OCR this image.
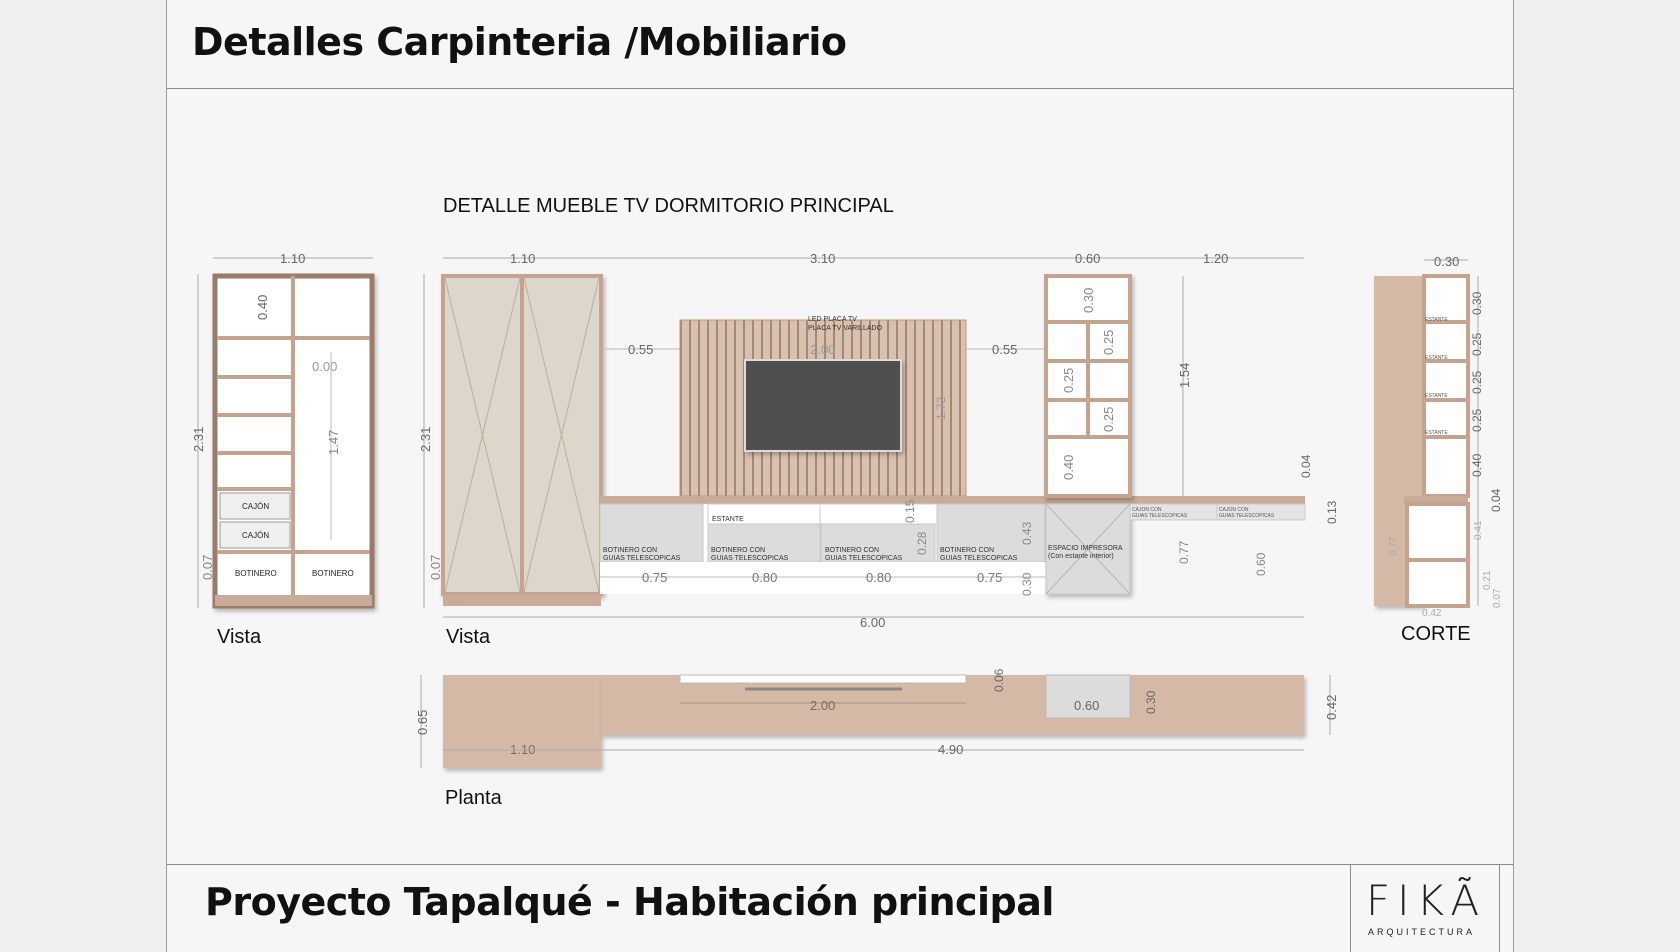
Detalles Carpinteria /Mobiliario
Proyecto Tapalqué - Habitación principal	FIKÃ
ARQUITECTURA
DETALLE MUEBLE TV DORMITORIO PRINCIPAL
CAJÓN
CAJÓN
BOTINERO	BOTINERO
0.40
0.00
1.47
1.10
2.31
0.07
Vista
LED PLACA TV
PLACA TV VARILLADO
2.00
1.72
ESTANTE
BOTINERO CON
GUIAS TELESCOPICAS
BOTINERO CON
GUIAS TELESCOPICAS
BOTINERO CON
GUIAS TELESCOPICAS
BOTINERO CON
GUIAS TELESCOPICAS
0.15
0.28
0.75	0.80	0.80	0.75
0.30
0.25
0.25
0.25
0.40
ESPACIO IMPRESORA
(Con estante interior)
0.43
0.30
CAJON CON
GUIAS TELESCOPICAS
CAJON CON
GUIAS TELESCOPICAS
0.77
0.60
1.10	3.10	0.60	1.20
2.31
0.07
0.55	0.55
1.54
0.04
0.13
6.00
Vista
ESTANTE
ESTANTE
ESTANTE
ESTANTE
0.30
0.30
0.25
0.25
0.25
0.40
0.04
0.41
0.21
0.07
0.77
0.42
CORTE
2.00	0.60
1.10	4.90
0.65
0.06
0.30	0.42
Planta
